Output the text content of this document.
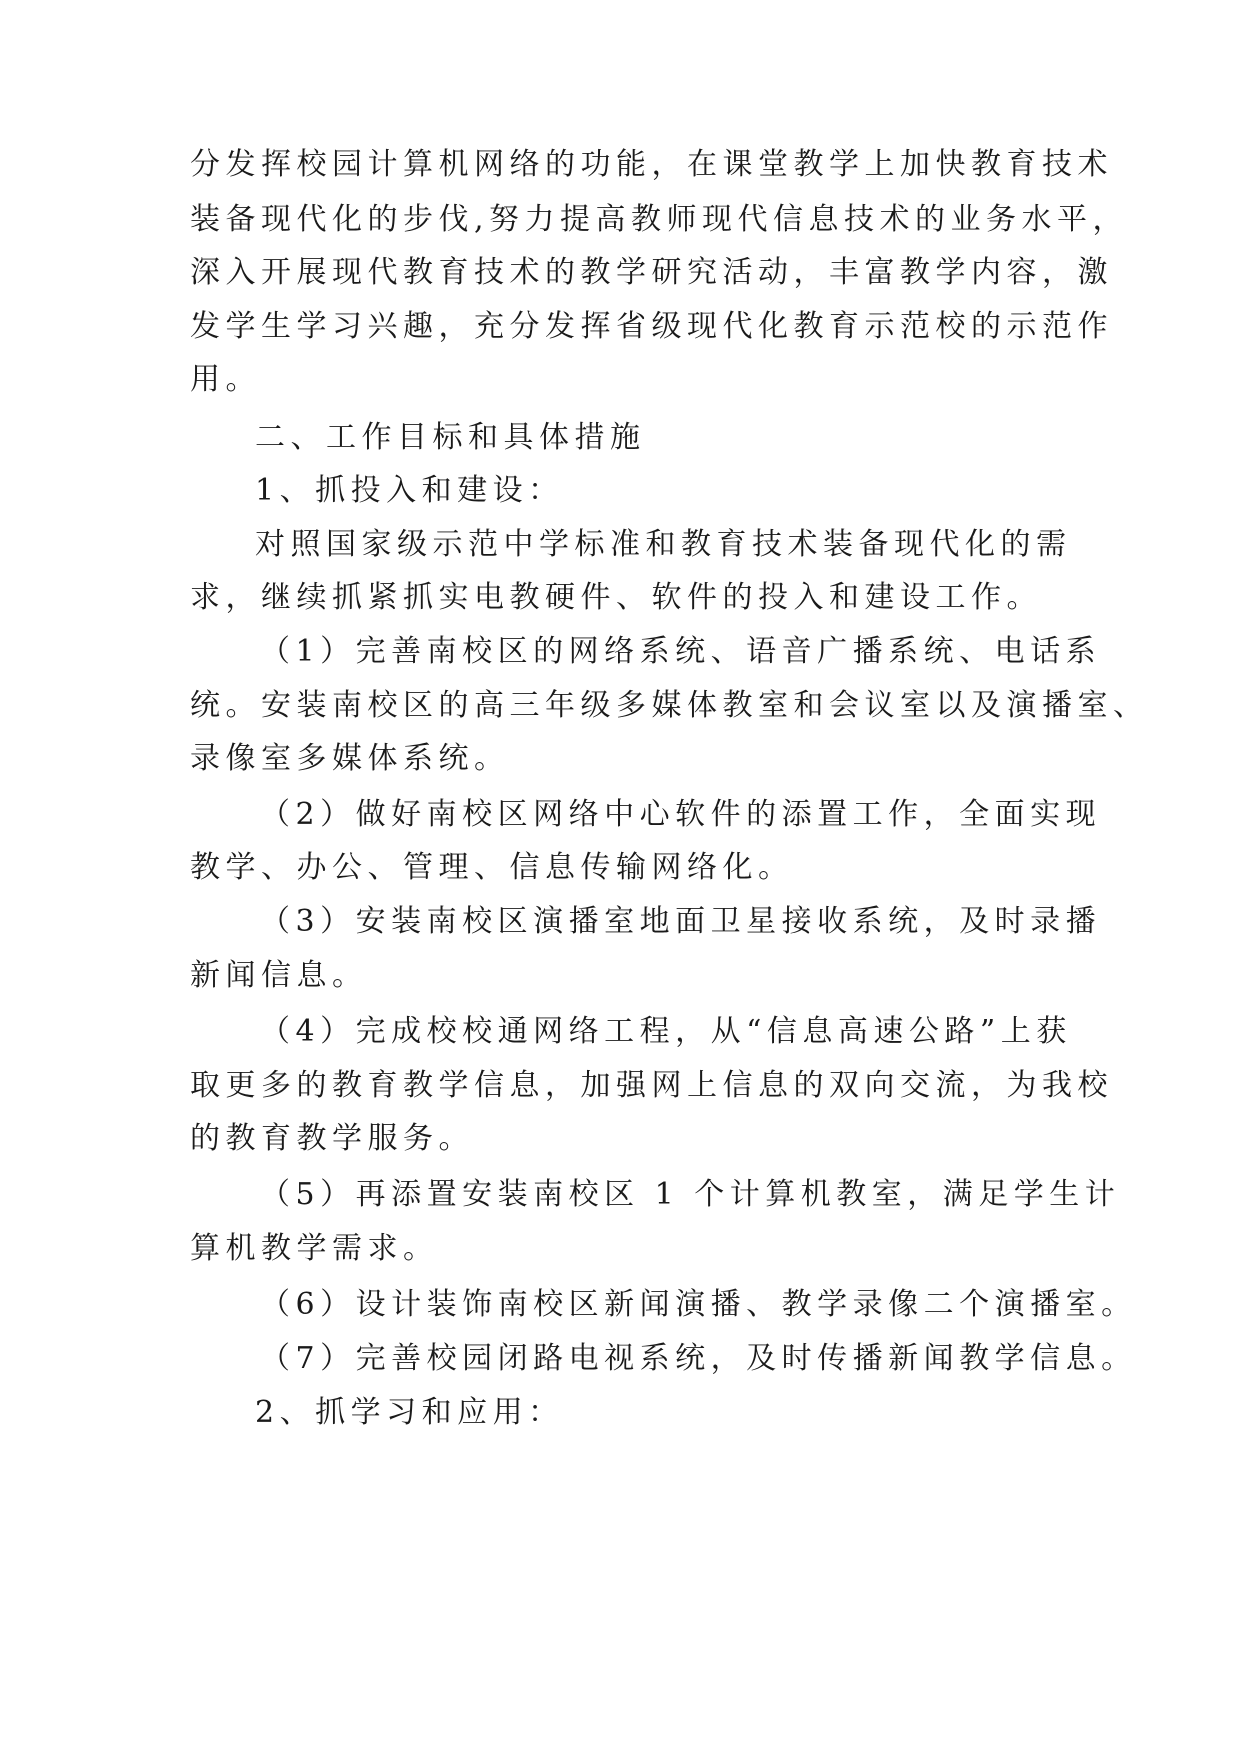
分发挥校园计算机网络的功能，在课堂教学上加快教育技术
装备现代化的步伐,努力提高教师现代信息技术的业务水平，
深入开展现代教育技术的教学研究活动，丰富教学内容，激
发学生学习兴趣，充分发挥省级现代化教育示范校的示范作
用。
二、工作目标和具体措施
1、抓投入和建设：
对照国家级示范中学标准和教育技术装备现代化的需
求，继续抓紧抓实电教硬件、软件的投入和建设工作。
（1）完善南校区的网络系统、语音广播系统、电话系
统。安装南校区的高三年级多媒体教室和会议室以及演播室、
录像室多媒体系统。
（2）做好南校区网络中心软件的添置工作，全面实现
教学、办公、管理、信息传输网络化。
（3）安装南校区演播室地面卫星接收系统，及时录播
新闻信息。
（4）完成校校通网络工程，从“信息高速公路”上获
取更多的教育教学信息，加强网上信息的双向交流，为我校
的教育教学服务。
（5）再添置安装南校区 1 个计算机教室，满足学生计
算机教学需求。
（6）设计装饰南校区新闻演播、教学录像二个演播室。
（7）完善校园闭路电视系统，及时传播新闻教学信息。
2、抓学习和应用：
